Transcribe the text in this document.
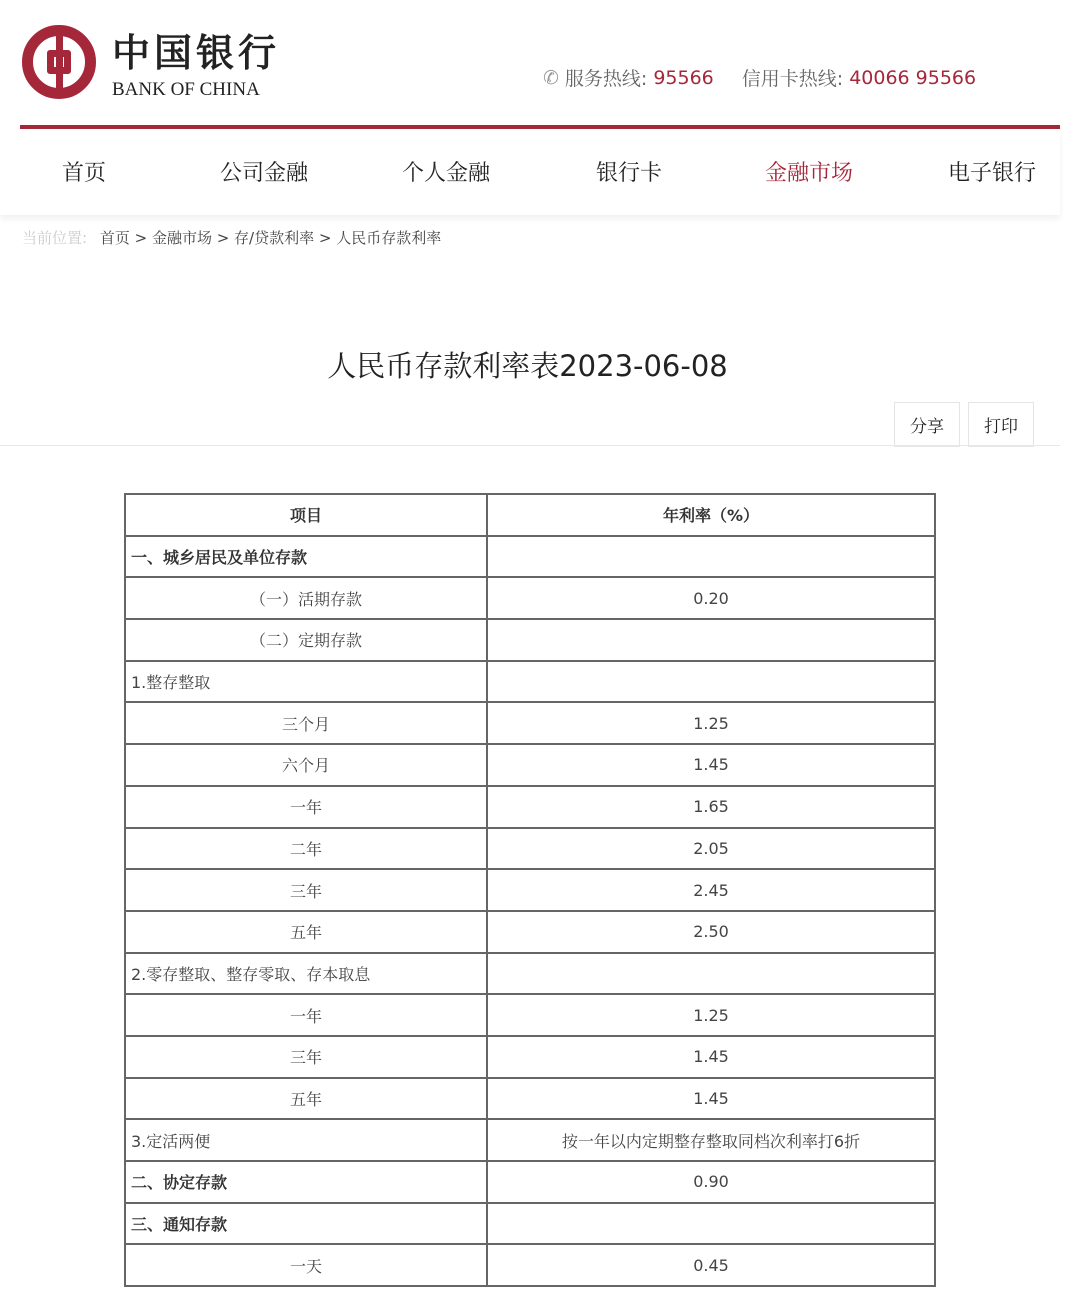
中国银行
BANK OF CHINA
✆ 服务热线: 95566 信用卡热线: 40066 95566
首页	公司金融	个人金融	银行卡	金融市场	电子银行
当前位置: 首页 > 金融市场 > 存/贷款利率 > 人民币存款利率
人民币存款利率表2023-06-08
分享	打印
项目	年利率（%）
一、城乡居民及单位存款	
（一）活期存款	0.20
（二）定期存款	
1.整存整取	
三个月	1.25
六个月	1.45
一年	1.65
二年	2.05
三年	2.45
五年	2.50
2.零存整取、整存零取、存本取息	
一年	1.25
三年	1.45
五年	1.45
3.定活两便	按一年以内定期整存整取同档次利率打6折
二、协定存款	0.90
三、通知存款	
一天	0.45
